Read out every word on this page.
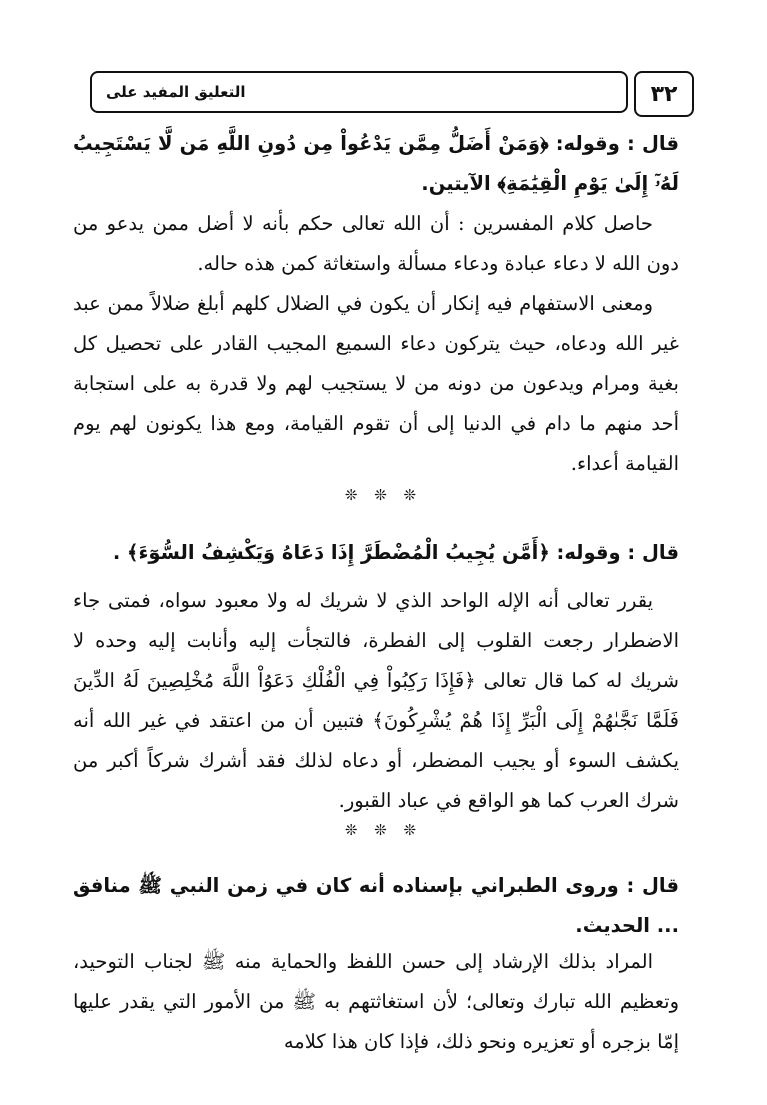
٣٢
التعليق المفيد على
قال : وقوله: ﴿وَمَنْ أَضَلُّ مِمَّن يَدْعُواْ مِن دُونِ اللَّهِ مَن لَّا يَسْتَجِيبُ لَهُۥٓ إِلَىٰ يَوْمِ الْقِيَٰمَةِ﴾ الآيتين.
حاصل كلام المفسرين : أن الله تعالى حكم بأنه لا أضل ممن يدعو من دون الله لا دعاء عبادة ودعاء مسألة واستغاثة كمن هذه حاله.
ومعنى الاستفهام فيه إنكار أن يكون في الضلال كلهم أبلغ ضلالاً ممن عبد غير الله ودعاه، حيث يتركون دعاء السميع المجيب القادر على تحصيل كل بغية ومرام ويدعون من دونه من لا يستجيب لهم ولا قدرة به على استجابة أحد منهم ما دام في الدنيا إلى أن تقوم القيامة، ومع هذا يكونون لهم يوم القيامة أعداء.
❊ ❊ ❊
قال : وقوله: ﴿أَمَّن يُجِيبُ الْمُضْطَرَّ إِذَا دَعَاهُ وَيَكْشِفُ السُّوٓءَ﴾ .
يقرر تعالى أنه الإله الواحد الذي لا شريك له ولا معبود سواه، فمتى جاء الاضطرار رجعت القلوب إلى الفطرة، فالتجأت إليه وأنابت إليه وحده لا شريك له كما قال تعالى ﴿فَإِذَا رَكِبُواْ فِي الْفُلْكِ دَعَوُاْ اللَّهَ مُخْلِصِينَ لَهُ الدِّينَ فَلَمَّا نَجَّىٰهُمْ إِلَى الْبَرِّ إِذَا هُمْ يُشْرِكُونَ﴾ فتبين أن من اعتقد في غير الله أنه يكشف السوء أو يجيب المضطر، أو دعاه لذلك فقد أشرك شركاً أكبر من شرك العرب كما هو الواقع في عباد القبور.
❊ ❊ ❊
قال : وروى الطبراني بإسناده أنه كان في زمن النبي ﷺ منافق ... الحديث.
المراد بذلك الإرشاد إلى حسن اللفظ والحماية منه ﷺ لجناب التوحيد، وتعظيم الله تبارك وتعالى؛ لأن استغاثتهم به ﷺ من الأمور التي يقدر عليها إمّا بزجره أو تعزيره ونحو ذلك، فإذا كان هذا كلامه
